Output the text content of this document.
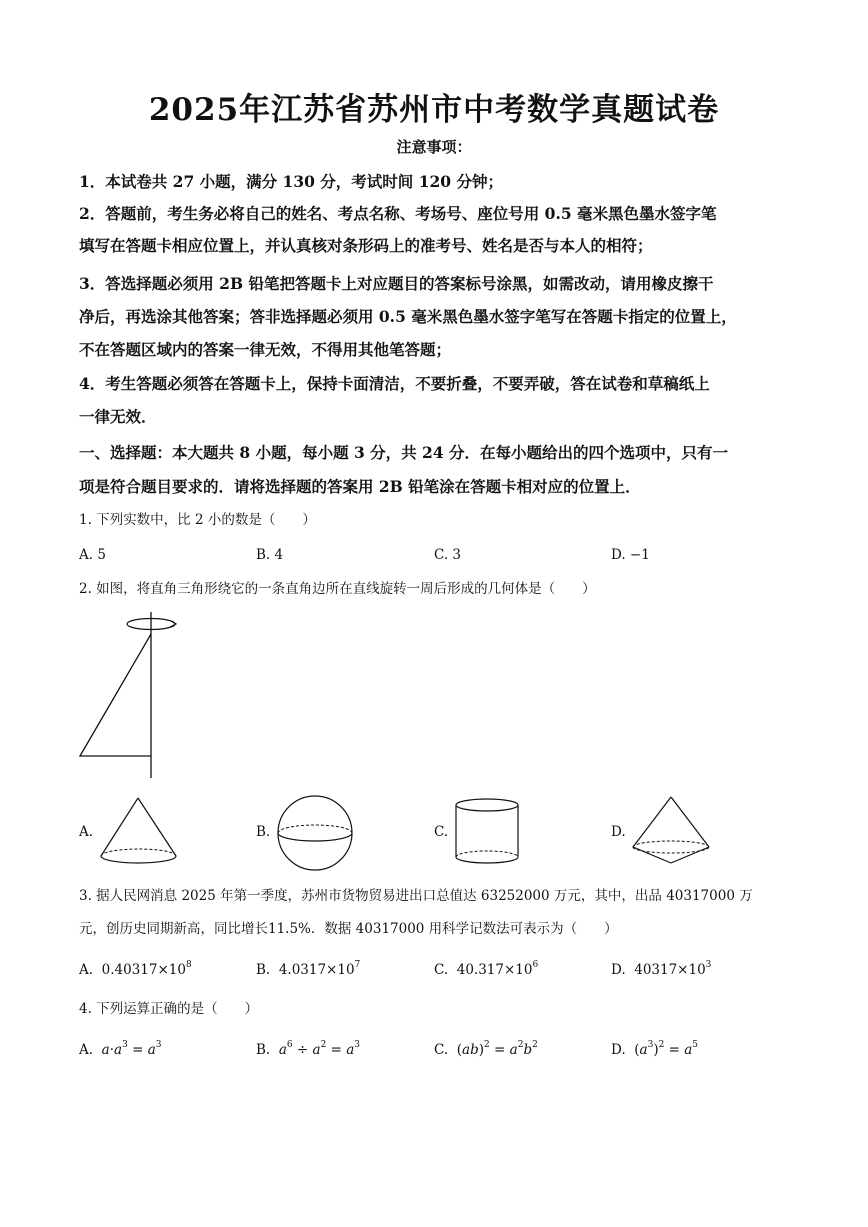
2025年江苏省苏州市中考数学真题试卷
注意事项：
1．本试卷共 27 小题，满分 130 分，考试时间 120 分钟；
2．答题前，考生务必将自己的姓名、考点名称、考场号、座位号用 0.5 毫米黑色墨水签字笔
填写在答题卡相应位置上，并认真核对条形码上的准考号、姓名是否与本人的相符；
3．答选择题必须用 2B 铅笔把答题卡上对应题目的答案标号涂黑，如需改动，请用橡皮擦干
净后，再选涂其他答案；答非选择题必须用 0.5 毫米黑色墨水签字笔写在答题卡指定的位置上，
不在答题区域内的答案一律无效，不得用其他笔答题；
4．考生答题必须答在答题卡上，保持卡面清洁，不要折叠，不要弄破，答在试卷和草稿纸上
一律无效．
一、选择题：本大题共 8 小题，每小题 3 分，共 24 分．在每小题给出的四个选项中，只有一
项是符合题目要求的．请将选择题的答案用 2B 铅笔涂在答题卡相对应的位置上．
1. 下列实数中，比 2 小的数是（　　）
A. 5	B. 4	C. 3	D. −1
2. 如图，将直角三角形绕它的一条直角边所在直线旋转一周后形成的几何体是（　　）
A.	B.	C.	D.
3. 据人民网消息 2025 年第一季度，苏州市货物贸易进出口总值达 63252000 万元，其中，出品 40317000 万
元，创历史同期新高，同比增长11.5%．数据 40317000 用科学记数法可表示为（　　）
A. $0.40317\times 10^8$	B. $4.0317\times 10^7$	C. $40.317\times 10^6$	D. $40317\times 10^3$
4. 下列运算正确的是（　　）
A. $a\cdot a^3 = a^3$	B. $a^6 \div a^2 = a^3$	C. $(ab)^2 = a^2b^2$	D. $(a^3)^2 = a^5$
